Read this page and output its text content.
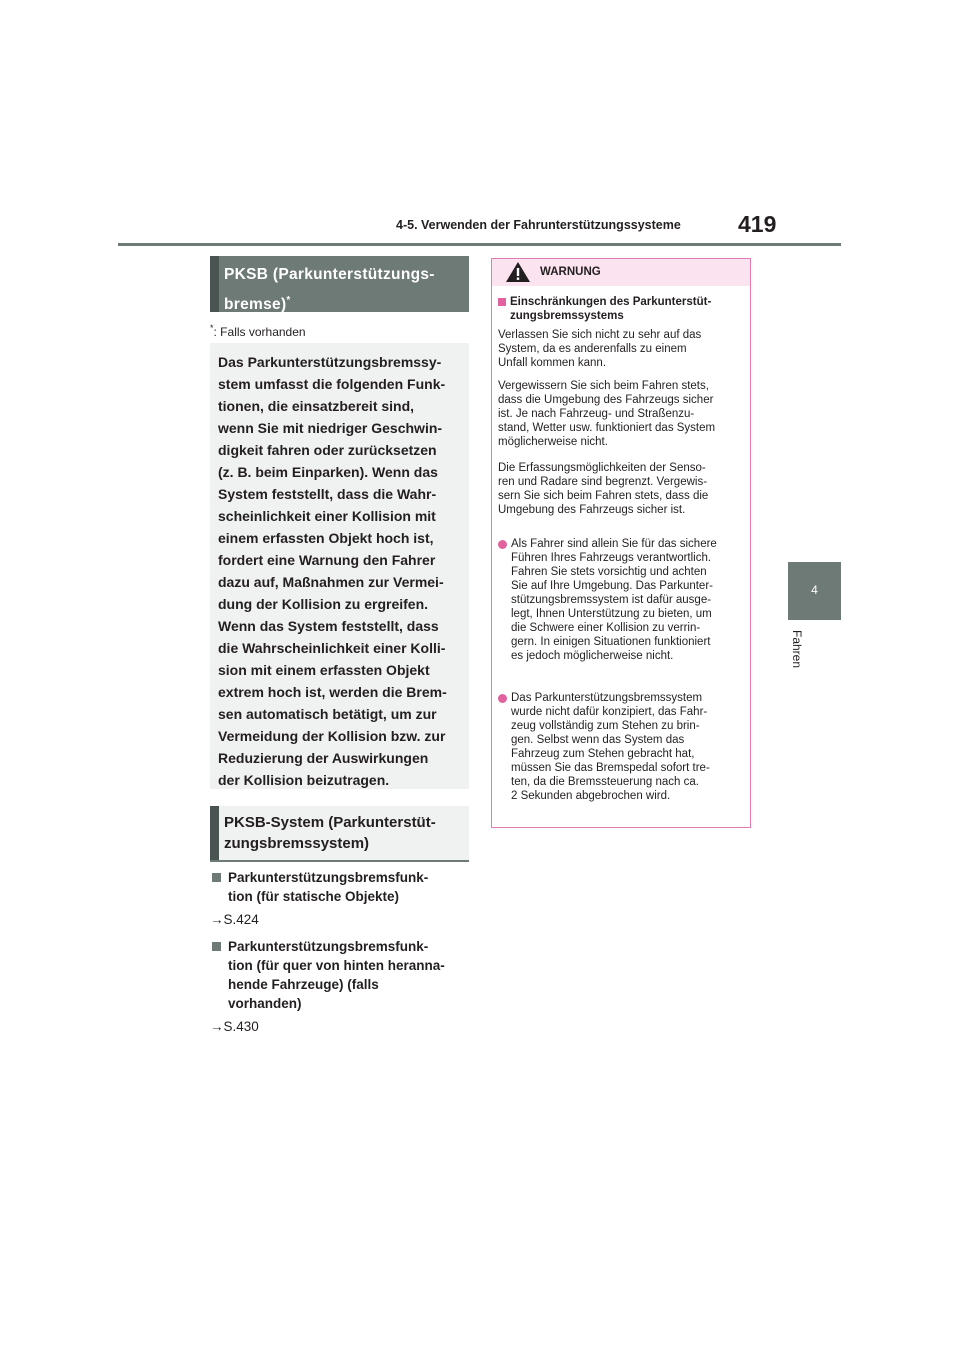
4-5. Verwenden der Fahrunterstützungssysteme 419
4
Fahren
PKSB (Parkunterstützungs-
bremse)*
*: Falls vorhanden

Das Parkunterstützungsbremssy-
stem umfasst die folgenden Funk-
tionen, die einsatzbereit sind,
wenn Sie mit niedriger Geschwin-
digkeit fahren oder zurücksetzen
(z. B. beim Einparken). Wenn das
System feststellt, dass die Wahr-
scheinlichkeit einer Kollision mit
einem erfassten Objekt hoch ist,
fordert eine Warnung den Fahrer
dazu auf, Maßnahmen zur Vermei-
dung der Kollision zu ergreifen.
Wenn das System feststellt, dass
die Wahrscheinlichkeit einer Kolli-
sion mit einem erfassten Objekt
extrem hoch ist, werden die Brem-
sen automatisch betätigt, um zur
Vermeidung der Kollision bzw. zur
Reduzierung der Auswirkungen
der Kollision beizutragen.

PKSB-System (Parkunterstüt-
zungsbremssystem)
Parkunterstützungsbremsfunk-
tion (für statische Objekte)
→S.424
Parkunterstützungsbremsfunk-
tion (für quer von hinten heranna-
hende Fahrzeuge) (falls
vorhanden)
→S.430
WARNUNG
Einschränkungen des Parkunterstüt-
zungsbremssystems
Verlassen Sie sich nicht zu sehr auf das
System, da es anderenfalls zu einem
Unfall kommen kann.
Vergewissern Sie sich beim Fahren stets,
dass die Umgebung des Fahrzeugs sicher
ist. Je nach Fahrzeug- und Straßenzu-
stand, Wetter usw. funktioniert das System
möglicherweise nicht.
Die Erfassungsmöglichkeiten der Senso-
ren und Radare sind begrenzt. Vergewis-
sern Sie sich beim Fahren stets, dass die
Umgebung des Fahrzeugs sicher ist.
Als Fahrer sind allein Sie für das sichere
Führen Ihres Fahrzeugs verantwortlich.
Fahren Sie stets vorsichtig und achten
Sie auf Ihre Umgebung. Das Parkunter-
stützungsbremssystem ist dafür ausge-
legt, Ihnen Unterstützung zu bieten, um
die Schwere einer Kollision zu verrin-
gern. In einigen Situationen funktioniert
es jedoch möglicherweise nicht.
Das Parkunterstützungsbremssystem
wurde nicht dafür konzipiert, das Fahr-
zeug vollständig zum Stehen zu brin-
gen. Selbst wenn das System das
Fahrzeug zum Stehen gebracht hat,
müssen Sie das Bremspedal sofort tre-
ten, da die Bremssteuerung nach ca.
2 Sekunden abgebrochen wird.
